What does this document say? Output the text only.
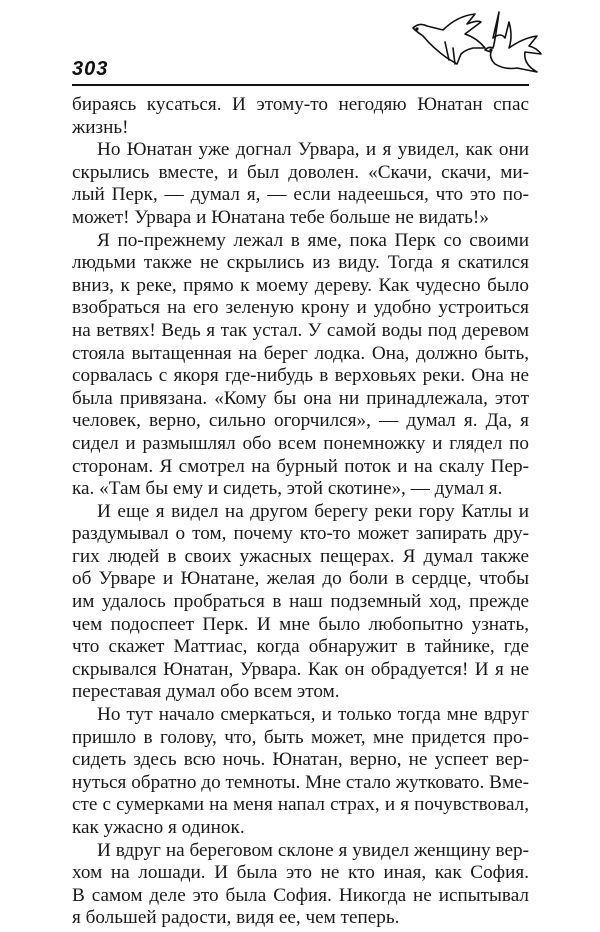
303
бираясь кусаться. И этому-то негодяю Юнатан спас
жизнь!
Но Юнатан уже догнал Урвара, и я увидел, как они
скрылись вместе, и был доволен. «Скачи, скачи, ми-
лый Перк, — думал я, — если надеешься, что это по-
может! Урвара и Юнатана тебе больше не видать!»
Я по-прежнему лежал в яме, пока Перк со своими
людьми также не скрылись из виду. Тогда я скатился
вниз, к реке, прямо к моему дереву. Как чудесно было
взобраться на его зеленую крону и удобно устроиться
на ветвях! Ведь я так устал. У самой воды под деревом
стояла вытащенная на берег лодка. Она, должно быть,
сорвалась с якоря где-нибудь в верховьях реки. Она не
была привязана. «Кому бы она ни принадлежала, этот
человек, верно, сильно огорчился», — думал я. Да, я
сидел и размышлял обо всем понемножку и глядел по
сторонам. Я смотрел на бурный поток и на скалу Пер-
ка. «Там бы ему и сидеть, этой скотине», — думал я.
И еще я видел на другом берегу реки гору Катлы и
раздумывал о том, почему кто-то может запирать дру-
гих людей в своих ужасных пещерах. Я думал также
об Урваре и Юнатане, желая до боли в сердце, чтобы
им удалось пробраться в наш подземный ход, прежде
чем подоспеет Перк. И мне было любопытно узнать,
что скажет Маттиас, когда обнаружит в тайнике, где
скрывался Юнатан, Урвара. Как он обрадуется! И я не
переставая думал обо всем этом.
Но тут начало смеркаться, и только тогда мне вдруг
пришло в голову, что, быть может, мне придется про-
сидеть здесь всю ночь. Юнатан, верно, не успеет вер-
нуться обратно до темноты. Мне стало жутковато. Вме-
сте с сумерками на меня напал страх, и я почувствовал,
как ужасно я одинок.
И вдруг на береговом склоне я увидел женщину вер-
хом на лошади. И была это не кто иная, как София.
В самом деле это была София. Никогда не испытывал
я большей радости, видя ее, чем теперь.
